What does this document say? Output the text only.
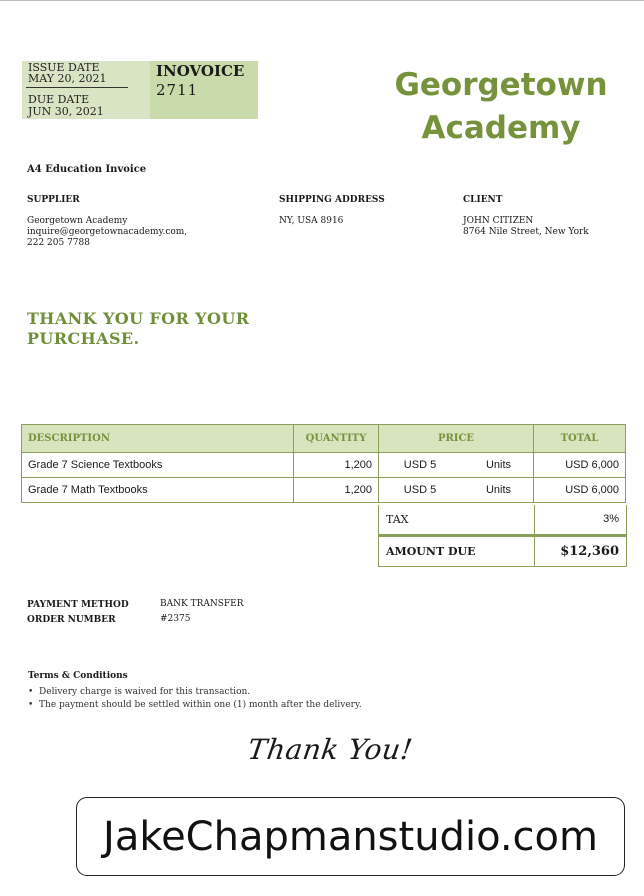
ISSUE DATE
MAY 20, 2021
DUE DATE
JUN 30, 2021
INOVOICE
2711	Georgetown
Academy
A4 Education Invoice
SUPPLIER
Georgetown Academy
inquire@georgetownacademy.com,
222 205 7788
SHIPPING ADDRESS
NY, USA 8916
CLIENT
JOHN CITIZEN
8764 Nile Street, New York
THANK YOU FOR YOUR
PURCHASE.
DESCRIPTION	QUANTITY	PRICE	TOTAL
Grade 7 Science Textbooks	1,200	USD 5 Units	USD 6,000
Grade 7 Math Textbooks	1,200	USD 5 Units	USD 6,000
TAX	3%
AMOUNT DUE	$12,360
PAYMENT METHOD	BANK TRANSFER
ORDER NUMBER	#2375
Terms & Conditions
•  Delivery charge is waived for this transaction.
•  The payment should be settled within one (1) month after the delivery.
Thank You!
JakeChapmanstudio.com
